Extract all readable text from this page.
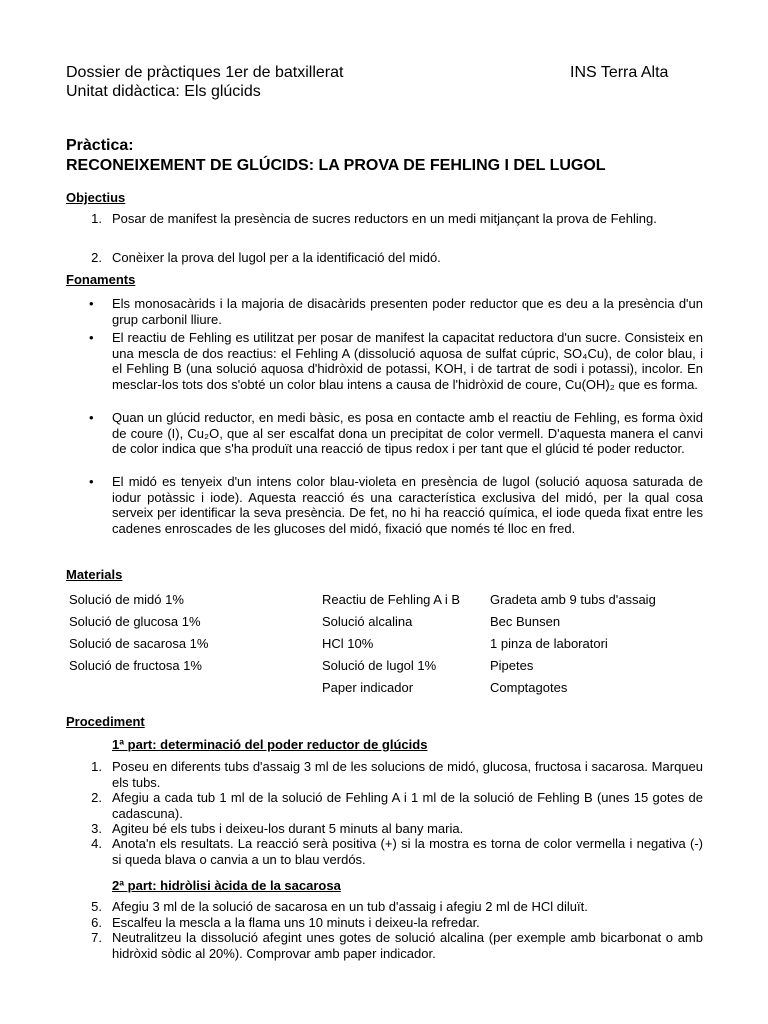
Dossier de pràctiques 1er de batxillerat	INS Terra Alta
Unitat didàctica: Els glúcids
Pràctica:
RECONEIXEMENT DE GLÚCIDS: LA PROVA DE FEHLING I DEL LUGOL
Objectius
1. Posar de manifest la presència de sucres reductors en un medi mitjançant la prova de Fehling.
2. Conèixer la prova del lugol per a la identificació del midó.
Fonaments
• Els monosacàrids i la majoria de disacàrids presenten poder reductor que es deu a la presència d'un grup carbonil lliure.
• El reactiu de Fehling es utilitzat per posar de manifest la capacitat reductora d'un sucre. Consisteix en una mescla de dos reactius: el Fehling A (dissolució aquosa de sulfat cúpric, SO₄Cu), de color blau, i el Fehling B (una solució aquosa d'hidròxid de potassi, KOH, i de tartrat de sodi i potassi), incolor. En mesclar-los tots dos s'obté un color blau intens a causa de l'hidròxid de coure, Cu(OH)₂ que es forma.
• Quan un glúcid reductor, en medi bàsic, es posa en contacte amb el reactiu de Fehling, es forma òxid de coure (I), Cu₂O, que al ser escalfat dona un precipitat de color vermell. D'aquesta manera el canvi de color indica que s'ha produït una reacció de tipus redox i per tant que el glúcid té poder reductor.
• El midó es tenyeix d'un intens color blau-violeta en presència de lugol (solució aquosa saturada de iodur potàssic i iode). Aquesta reacció és una característica exclusiva del midó, per la qual cosa serveix per identificar la seva presència. De fet, no hi ha reacció química, el iode queda fixat entre les cadenes enroscades de les glucoses del midó, fixació que només té lloc en fred.
Materials
Solució de midó 1%
Solució de glucosa 1%
Solució de sacarosa 1%
Solució de fructosa 1%
Reactiu de Fehling A i B
Solució alcalina
HCl 10%
Solució de lugol 1%
Paper indicador
Gradeta amb 9 tubs d'assaig
Bec Bunsen
1 pinza de laboratori
Pipetes
Comptagotes
Procediment
1ª part: determinació del poder reductor de glúcids
1. Poseu en diferents tubs d'assaig 3 ml de les solucions de midó, glucosa, fructosa i sacarosa. Marqueu els tubs.
2. Afegiu a cada tub 1 ml de la solució de Fehling A i 1 ml de la solució de Fehling B (unes 15 gotes de cadascuna).
3. Agiteu bé els tubs i deixeu-los durant 5 minuts al bany maria.
4. Anota'n els resultats. La reacció serà positiva (+) si la mostra es torna de color vermella i negativa (-) si queda blava o canvia a un to blau verdós.
2ª part: hidròlisi àcida de la sacarosa
5. Afegiu 3 ml de la solució de sacarosa en un tub d'assaig i afegiu 2 ml de HCl diluït.
6. Escalfeu la mescla a la flama uns 10 minuts i deixeu-la refredar.
7. Neutralitzeu la dissolució afegint unes gotes de solució alcalina (per exemple amb bicarbonat o amb hidròxid sòdic al 20%). Comprovar amb paper indicador.
